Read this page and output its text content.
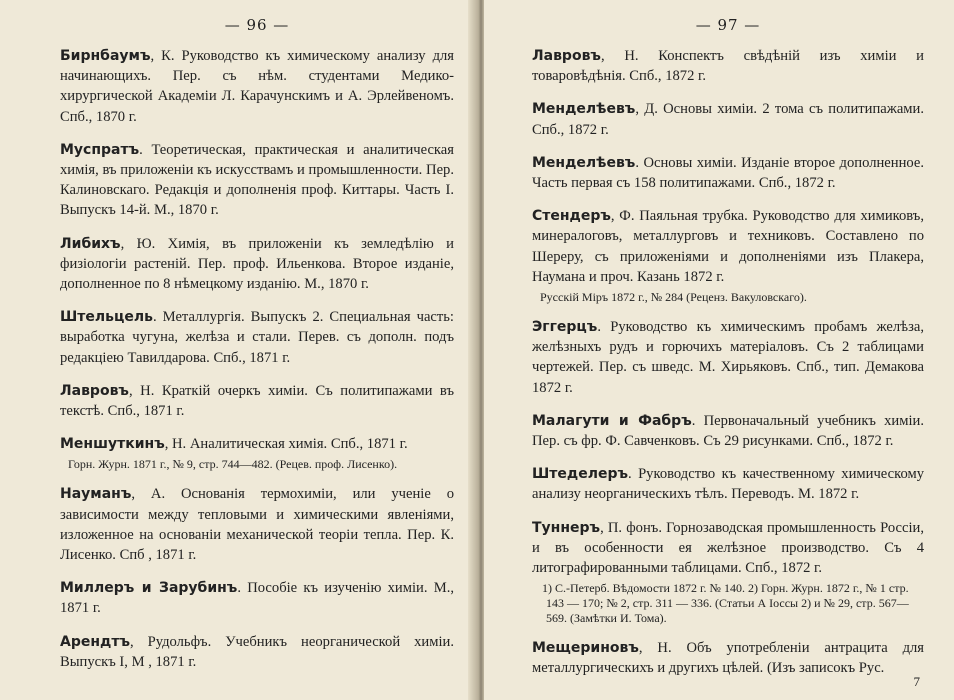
— 96 —
Бирнбаумъ, К. Руководство къ химическому анализу для начинающихъ. Пер. съ нѣм. студентами Медико-хирургической Академіи Л. Карачунскимъ и А. Эрлейвеномъ. Спб., 1870 г.
Муспратъ. Теоретическая, практическая и аналитическая химія, въ приложеніи къ искусствамъ и промышленности. Пер. Калиновскаго. Редакція и дополненія проф. Киттары. Часть I. Выпускъ 14-й. М., 1870 г.
Либихъ, Ю. Химія, въ приложеніи къ земледѣлію и физіологіи растеній. Пер. проф. Ильенкова. Второе изданіе, дополненное по 8 нѣмецкому изданію. М., 1870 г.
Штельцель. Металлургія. Выпускъ 2. Специальная часть: выработка чугуна, желѣза и стали. Перев. съ дополн. подъ редакціею Тавилдарова. Спб., 1871 г.
Лавровъ, Н. Краткій очеркъ химіи. Съ политипажами въ текстѣ. Спб., 1871 г.
Меншуткинъ, Н. Аналитическая химія. Спб., 1871 г.
Горн. Журн. 1871 г., № 9, стр. 744—482. (Рецев. проф. Лисенко).
Науманъ, А. Основанія термохиміи, или ученіе о зависимости между тепловыми и химическими явленіями, изложенное на основаніи механической теоріи тепла. Пер. К. Лисенко. Спб , 1871 г.
Миллеръ и Зарубинъ. Пособіе къ изученію химіи. М., 1871 г.
Арендтъ, Рудольфъ. Учебникъ неорганической химіи. Выпускъ I, М , 1871 г.
— 97 —
Лавровъ, Н. Конспектъ свѣдѣній изъ химіи и товаровѣдѣнія. Спб., 1872 г.
Менделѣевъ, Д. Основы химіи. 2 тома съ политипажами. Спб., 1872 г.
Менделѣевъ. Основы химіи. Изданіе второе дополненное. Часть первая съ 158 политипажами. Спб., 1872 г.
Стендеръ, Ф. Паяльная трубка. Руководство для химиковъ, минералоговъ, металлурговъ и техниковъ. Составлено по Шереру, съ приложеніями и дополненіями изъ Плакера, Наумана и проч. Казань 1872 г.
Русскій Міръ 1872 г., № 284 (Реценз. Вакуловскаго).
Эггерцъ. Руководство къ химическимъ пробамъ желѣза, желѣзныхъ рудъ и горючихъ матеріаловъ. Съ 2 таблицами чертежей. Пер. съ шведс. М. Хирьяковъ. Спб., тип. Демакова 1872 г.
Малагути и Фабръ. Первоначальный учебникъ химіи. Пер. съ фр. Ф. Савченковъ. Съ 29 рисунками. Спб., 1872 г.
Штеделеръ. Руководство къ качественному химическому анализу неорганическихъ тѣлъ. Переводъ. М. 1872 г.
Туннеръ, П. фонъ. Горнозаводская промышленность Россіи, и въ особенности ея желѣзное производство. Съ 4 литографированными таблицами. Спб., 1872 г.
1) С.-Петерб. Вѣдомости 1872 г. № 140. 2) Горн. Журн. 1872 г., № 1 стр. 143 — 170; № 2, стр. 311 — 336. (Статьи А Іоссы 2) и № 29, стр. 567—569. (Замѣтки И. Тома).
Мещериновъ, Н. Объ употребленіи антрацита для металлургическихъ и другихъ цѣлей. (Изъ записокъ Рус.
7
